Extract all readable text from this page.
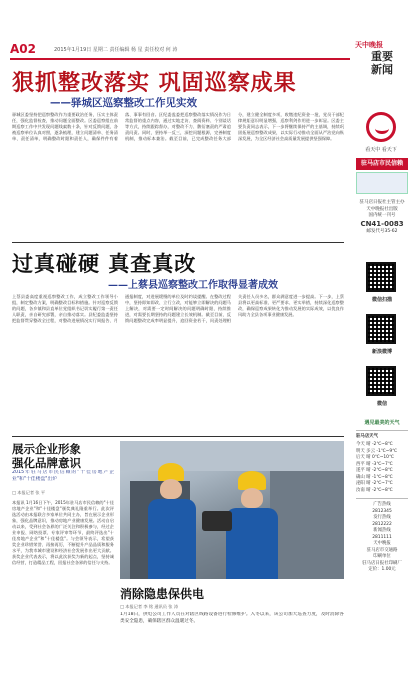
A02	2015年1月19日 星期二 责任编辑 杨 星 责任校对 何 涛
狠抓整改落实 巩固巡察成果
——驿城区巡察整改工作见实效
驿城区委坚持把巡察整改作为重要政治任务，压实主体责任，强化监督检查，推动问题全面整改。区委巡察组在前期巡察工作中共发现问题线索数十条，针对反馈问题，各被巡察单位认真对照，逐条梳理，建立问题清单、任务清单、责任清单，明确整改时限和责任人，确保件件有着落、事事有回音。区纪委监委把巡察整改落实情况作为日常监督的重点内容，通过实地走访、查阅资料、个别谈话等方式，持续跟踪督办，对整改不力、敷衍塞责的严肃追责问责。同时，坚持举一反三，深挖问题根源，完善制度机制，推动标本兼治。截至目前，已完成整改任务大部分，建立健全制度多项，收缴违纪资金一批，党员干部纪律规矩意识明显增强，巡察利剑作用进一步彰显。区委主要负责同志表示，下一步将继续保持严的主基调，持续巩固拓展巡察整改成果，以实际行动推动全面从严治党向纵深发展，为全区经济社会高质量发展提供坚强保障。
过真碰硬 真查真改
——上蔡县巡察整改工作取得显著成效
上蔡县委高度重视巡察整改工作，成立整改工作领导小组，制定整改方案，明确整改目标和措施。针对巡察反馈的问题，各乡镇和县直单位党组织书记切实履行第一责任人职责，亲自研究部署，亲自推动落实。县纪委监委坚持把监督贯穿整改全过程，对整改进展情况实行周报告、月通报制度，对进展缓慢的单位及时约谈提醒。在整改过程中，坚持即知即改、立行立改，对能够立即解决的问题马上解决，对需要一定时间解决的问题明确时限、持续推进，对需要长期坚持的问题建立长效机制。截至目前，反馈问题整改完成率明显提升，追回资金若干，问责处理相关责任人员多名，群众满意度进一步提高。下一步，上蔡县将以更高标准、更严要求、更实举措，持续深化巡察整改，确保巡察成果转化为推动发展的实际成效，以优良作风助力全县各项事业健康发展。
展示企业形象
强化品牌意识
2015年驻马店市民信赖的"十佳房地产企业"和"十佳楼盘"出炉
□ 本报记者 张 平
本报讯 1月16日下午，2015年驻马店市民信赖的"十佳房地产企业"和"十佳楼盘"颁奖典礼隆重举行。此次评选活动由本报联合多家单位共同主办，旨在展示企业形象，强化品牌意识，推动房地产业健康发展。活动自启动以来，受到社会各界的广泛关注和积极参与，经过企业申报、网络投票、专家评审等环节，最终评选出"十佳房地产企业"和"十佳楼盘"。与会领导表示，希望获奖企业珍惜荣誉、再接再厉，不断提升产品品质和服务水平，为我市城市建设和经济社会发展作出更大贡献。获奖企业代表表示，将以此次获奖为新的起点，坚持诚信经营，打造精品工程，回报社会各界的信任与支持。
消除隐患保供电
□ 本报记者 李 铭 通讯员 张 涛
1月18日，供电公司工作人员在对辖区线路设备进行检修维护。入冬以来，该公司加大巡查力度，及时消除各类安全隐患，确保辖区群众温暖过冬。
天中晚报
重要
新闻
看天中 看天下
驻马店市民信赖
驻马店日报社主管主办
天中晚报社出版
国内统一刊号
CN41-0083
邮发代号35-62
微信扫描
新浪微博
微信
遇见最美的天气
驻马店天气
今天 晴 -2℃~8℃
明天 多云 -1℃~9℃
后天 晴 0℃~10℃
西平 晴 -3℃~7℃
遂平 晴 -2℃~8℃
确山 晴 -1℃~8℃
泌阳 晴 -2℃~7℃
汝南 晴 -2℃~8℃
广告热线
2812345
发行热线
2812222
新闻热线
2811111
天中晚报
驻马店市交通路
印刷单位
驻马店日报社印刷厂
定价：1.00元
